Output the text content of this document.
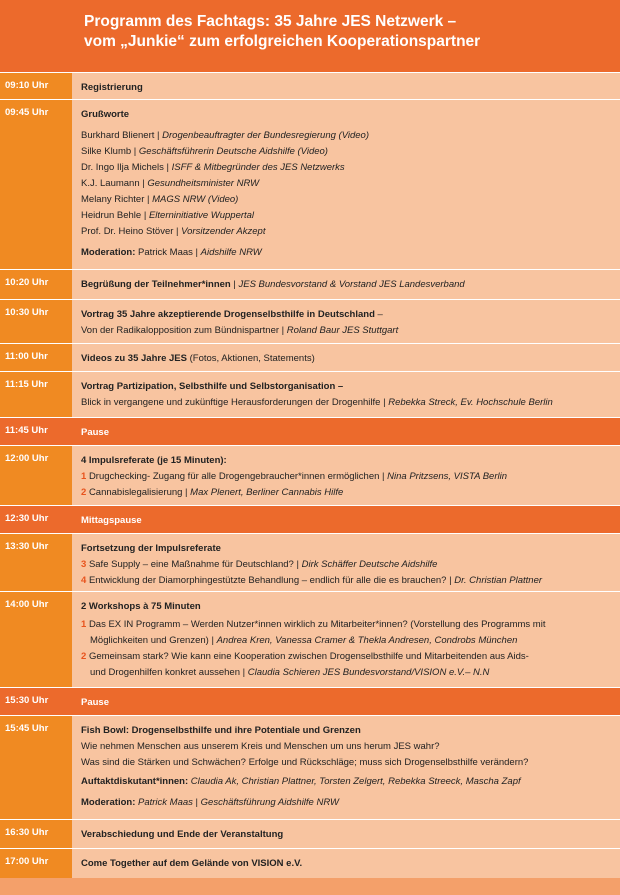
Programm des Fachtags: 35 Jahre JES Netzwerk –
vom „Junkie“ zum erfolgreichen Kooperationspartner
09:10 Uhr	Registrierung
09:45 Uhr	Grußworte
Burkhard Blienert | Drogenbeauftragter der Bundesregierung (Video)
Silke Klumb | Geschäftsführerin Deutsche Aidshilfe (Video)
Dr. Ingo Ilja Michels | ISFF & Mitbegründer des JES Netzwerks
K.J. Laumann | Gesundheitsminister NRW
Melany Richter | MAGS NRW (Video)
Heidrun Behle | Elterninitiative Wuppertal
Prof. Dr. Heino Stöver | Vorsitzender Akzept
Moderation: Patrick Maas | Aidshilfe NRW
10:20 Uhr	Begrüßung der Teilnehmer*innen | JES Bundesvorstand & Vorstand JES Landesverband
10:30 Uhr	Vortrag 35 Jahre akzeptierende Drogenselbsthilfe in Deutschland –
Von der Radikalopposition zum Bündnispartner | Roland Baur JES Stuttgart
11:00 Uhr	Videos zu 35 Jahre JES (Fotos, Aktionen, Statements)
11:15 Uhr	Vortrag Partizipation, Selbsthilfe und Selbstorganisation –
Blick in vergangene und zukünftige Herausforderungen der Drogenhilfe | Rebekka Streck, Ev. Hochschule Berlin
11:45 Uhr	Pause
12:00 Uhr	4 Impulsreferate (je 15 Minuten):
1 Drugchecking- Zugang für alle Drogengebraucher*innen ermöglichen | Nina Pritzsens, VISTA Berlin
2 Cannabislegalisierung | Max Plenert, Berliner Cannabis Hilfe
12:30 Uhr	Mittagspause
13:30 Uhr	Fortsetzung der Impulsreferate
3 Safe Supply – eine Maßnahme für Deutschland? | Dirk Schäffer Deutsche Aidshilfe
4 Entwicklung der Diamorphingestützte Behandlung – endlich für alle die es brauchen? | Dr. Christian Plattner
14:00 Uhr	2 Workshops à 75 Minuten
1 Das EX IN Programm – Werden Nutzer*innen wirklich zu Mitarbeiter*innen? (Vorstellung des Programms mit
Möglichkeiten und Grenzen) | Andrea Kren, Vanessa Cramer & Thekla Andresen, Condrobs München
2 Gemeinsam stark? Wie kann eine Kooperation zwischen Drogenselbsthilfe und Mitarbeitenden aus Aids-
und Drogenhilfen konkret aussehen | Claudia Schieren JES Bundesvorstand/VISION e.V.– N.N
15:30 Uhr	Pause
15:45 Uhr	Fish Bowl: Drogenselbsthilfe und ihre Potentiale und Grenzen
Wie nehmen Menschen aus unserem Kreis und Menschen um uns herum JES wahr?
Was sind die Stärken und Schwächen? Erfolge und Rückschläge; muss sich Drogenselbsthilfe verändern?
Auftaktdiskutant*innen: Claudia Ak, Christian Plattner, Torsten Zelgert, Rebekka Streeck, Mascha Zapf
Moderation: Patrick Maas | Geschäftsführung Aidshilfe NRW
16:30 Uhr	Verabschiedung und Ende der Veranstaltung
17:00 Uhr	Come Together auf dem Gelände von VISION e.V.
